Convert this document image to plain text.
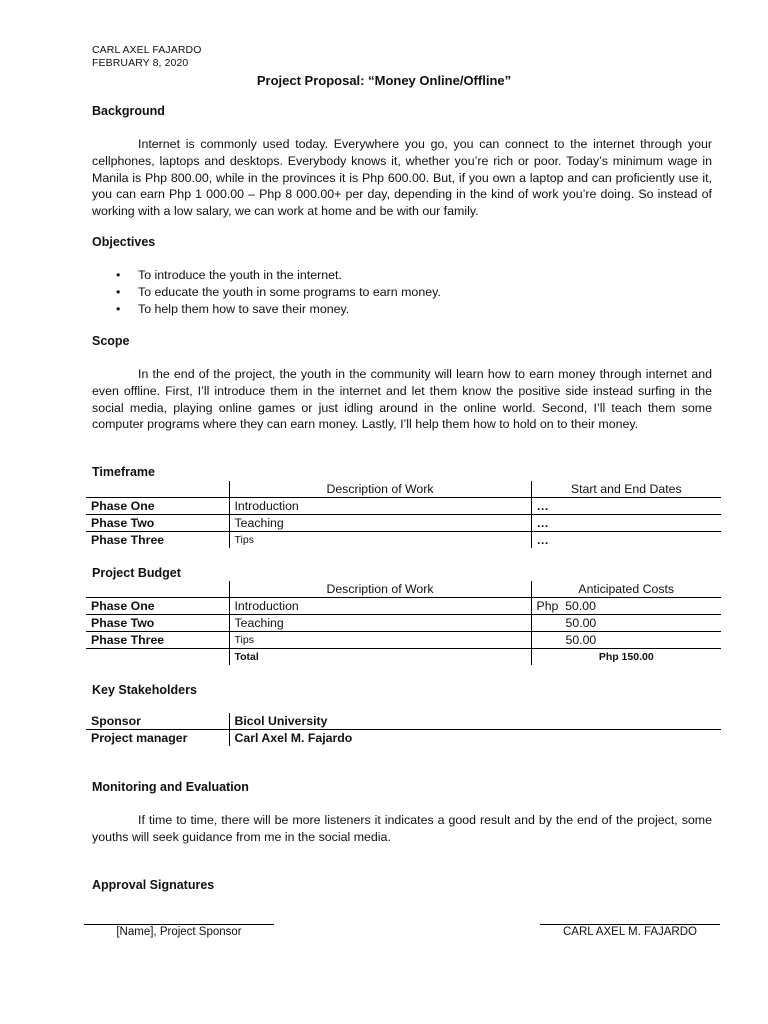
CARL AXEL FAJARDO
FEBRUARY 8, 2020
Project Proposal: “Money Online/Offline”
Background

Internet is commonly used today. Everywhere you go, you can connect to the internet through your cellphones, laptops and desktops. Everybody knows it, whether you’re rich or poor. Today’s minimum wage in Manila is Php 800.00, while in the provinces it is Php 600.00. But, if you own a laptop and can proficiently use it, you can earn Php 1 000.00 – Php 8 000.00+ per day, depending in the kind of work you’re doing. So instead of working with a low salary, we can work at home and be with our family.

Objectives
• To introduce the youth in the internet.
• To educate the youth in some programs to earn money.
• To help them how to save their money.
Scope

In the end of the project, the youth in the community will learn how to earn money through internet and even offline. First, I’ll introduce them in the internet and let them know the positive side instead surfing in the social media, playing online games or just idling around in the online world. Second, I’ll teach them some computer programs where they can earn money. Lastly, I’ll help them how to hold on to their money.

Timeframe
	Description of Work	Start and End Dates
Phase One	Introduction	…
Phase Two	Teaching	…
Phase Three	Tips	…
Project Budget
	Description of Work	Anticipated Costs
Phase One	Introduction	Php  50.00
Phase Two	Teaching	50.00
Phase Three	Tips	50.00
	Total	Php 150.00
Key Stakeholders
Sponsor	Bicol University
Project manager	Carl Axel M. Fajardo
Monitoring and Evaluation

If time to time, there will be more listeners it indicates a good result and by the end of the project, some youths will seek guidance from me in the social media.

Approval Signatures
[Name], Project Sponsor	CARL AXEL M. FAJARDO
